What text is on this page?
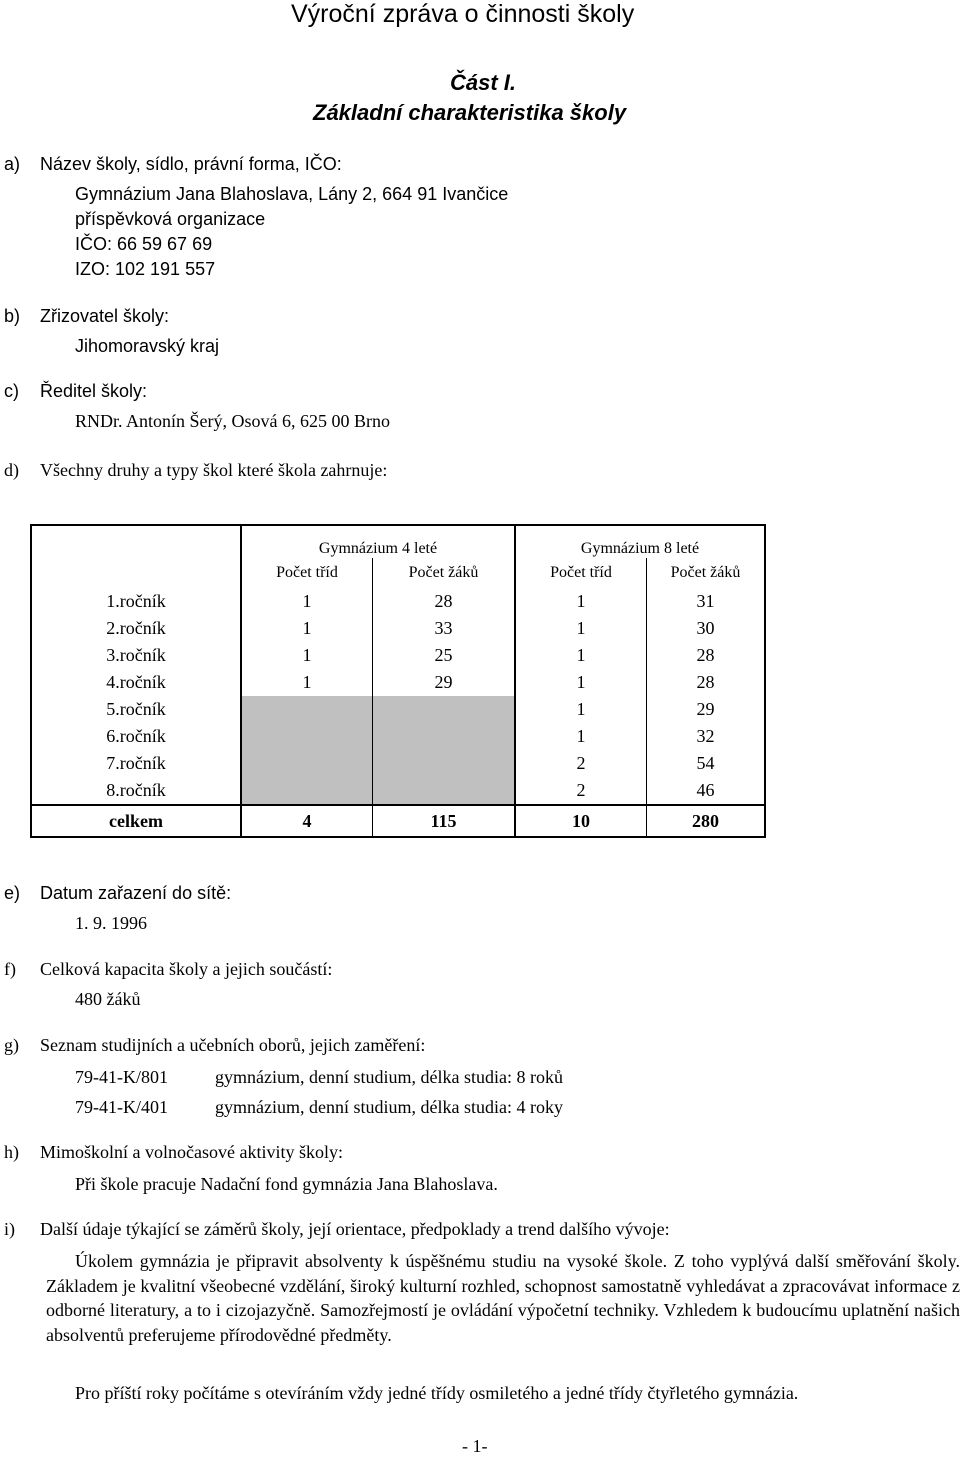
Výroční zpráva o činnosti školy
Část I.
Základní charakteristika školy
a) Název školy, sídlo, právní forma, IČO:
Gymnázium Jana Blahoslava, Lány 2, 664 91 Ivančice
příspěvková organizace
IČO: 66 59 67 69
IZO: 102 191 557
b) Zřizovatel školy:
Jihomoravský kraj
c) Ředitel školy:
RNDr. Antonín Šerý, Osová 6, 625 00 Brno
d) Všechny druhy a typy škol které škola zahrnuje:
	Gymnázium 4 leté		Gymnázium 8 leté	
	Počet tříd	Počet žáků	Počet tříd	Počet žáků
1.ročník	1	28	1	31
2.ročník	1	33	1	30
3.ročník	1	25	1	28
4.ročník	1	29	1	28
5.ročník			1	29
6.ročník			1	32
7.ročník			2	54
8.ročník			2	46
celkem	4	115	10	280
e) Datum zařazení do sítě:
1. 9. 1996
f) Celková kapacita školy a jejich součástí:
480 žáků
g) Seznam studijních a učebních oborů, jejich zaměření:
79-41-K/801	gymnázium, denní studium, délka studia: 8 roků
79-41-K/401	gymnázium, denní studium, délka studia: 4 roky
h) Mimoškolní a volnočasové aktivity školy:
Při škole pracuje Nadační fond gymnázia Jana Blahoslava.
i) Další údaje týkající se záměrů školy, její orientace, předpoklady a trend dalšího vývoje:
Úkolem gymnázia je připravit absolventy k úspěšnému studiu na vysoké škole. Z toho vyplývá další směřování školy. Základem je kvalitní všeobecné vzdělání, široký kulturní rozhled, schopnost samostatně vyhledávat a zpracovávat informace z odborné literatury, a to i cizojazyčně. Samozřejmostí je ovládání výpočetní techniky. Vzhledem k budoucímu uplatnění našich absolventů preferujeme přírodovědné předměty.
Pro příští roky počítáme s otevíráním vždy jedné třídy osmiletého a jedné třídy čtyřletého gymnázia.
- 1-
